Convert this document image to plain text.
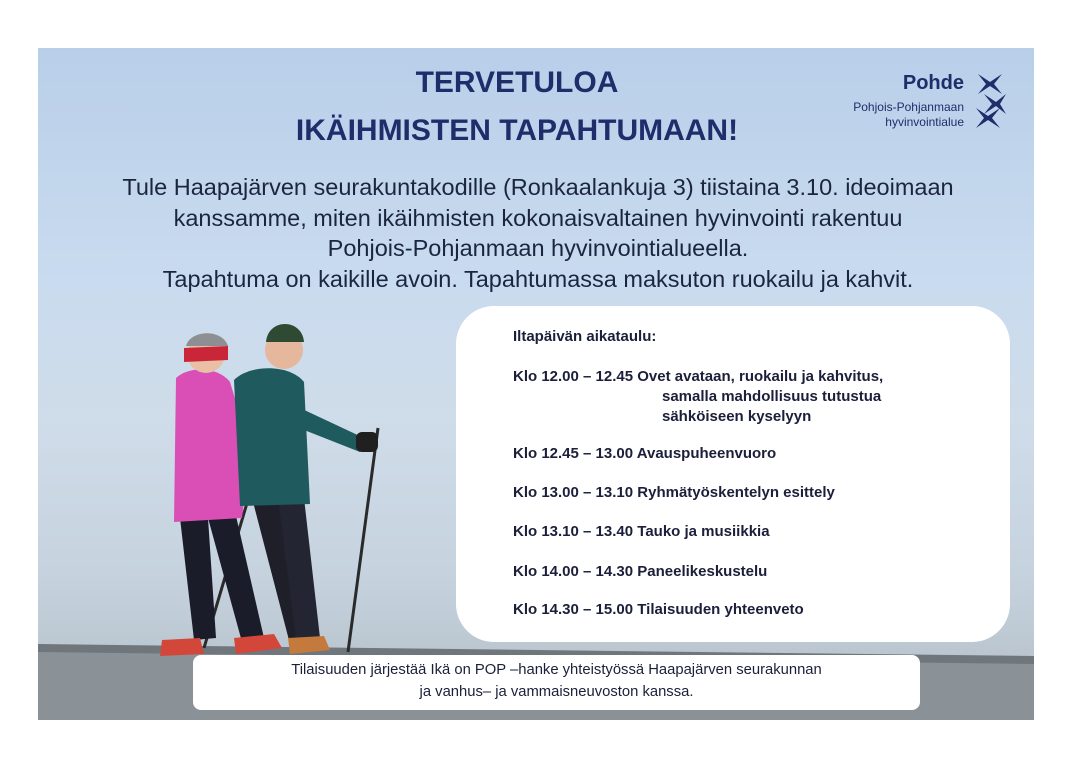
TERVETULOA
IKÄIHMISTEN TAPAHTUMAAN!
Pohde
Pohjois-Pohjanmaan
hyvinvointialue
Tule Haapajärven seurakuntakodille (Ronkaalankuja 3) tiistaina 3.10. ideoimaan
kanssamme, miten ikäihmisten kokonaisvaltainen hyvinvointi rakentuu
Pohjois-Pohjanmaan hyvinvointialueella.
Tapahtuma on kaikille avoin. Tapahtumassa maksuton ruokailu ja kahvit.
Iltapäivän aikataulu:
Klo 12.00 – 12.45 Ovet avataan, ruokailu ja kahvitus,
samalla mahdollisuus tutustua
sähköiseen kyselyyn
Klo 12.45 – 13.00 Avauspuheenvuoro
Klo 13.00 – 13.10 Ryhmätyöskentelyn esittely
Klo 13.10 – 13.40 Tauko ja musiikkia
Klo 14.00 – 14.30 Paneelikeskustelu
Klo 14.30 – 15.00 Tilaisuuden yhteenveto
Tilaisuuden järjestää Ikä on POP –hanke yhteistyössä Haapajärven seurakunnan
ja vanhus– ja vammaisneuvoston kanssa.
